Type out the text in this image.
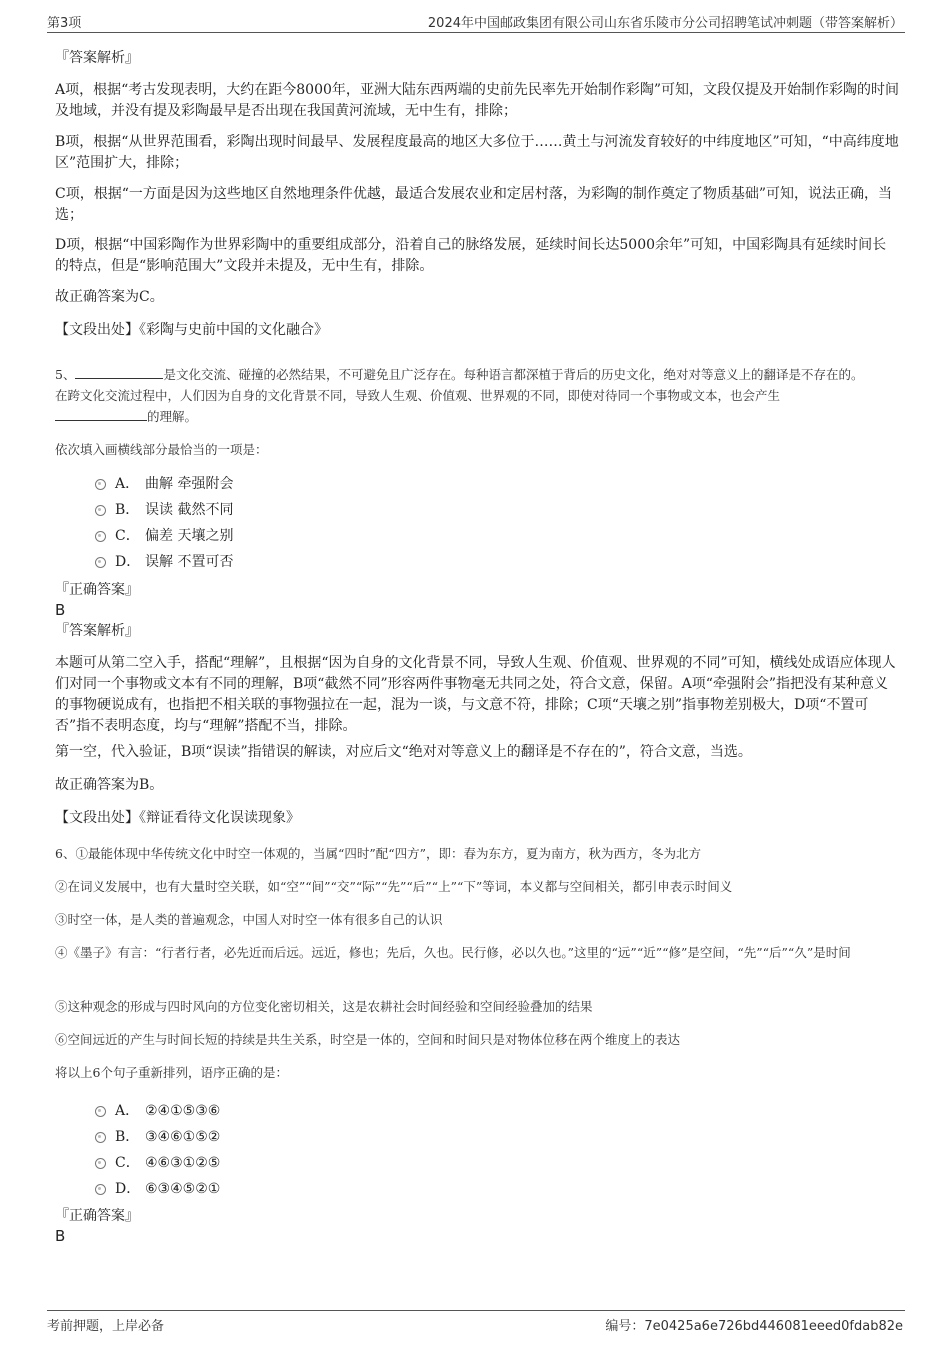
第3项	2024年中国邮政集团有限公司山东省乐陵市分公司招聘笔试冲刺题（带答案解析）
『答案解析』
A项，根据“考古发现表明，大约在距今8000年，亚洲大陆东西两端的史前先民率先开始制作彩陶”可知，文段仅提及开始制作彩陶的时间及地域，并没有提及彩陶最早是否出现在我国黄河流域，无中生有，排除；
B项，根据“从世界范围看，彩陶出现时间最早、发展程度最高的地区大多位于……黄土与河流发育较好的中纬度地区”可知，“中高纬度地区”范围扩大，排除；
C项，根据“一方面是因为这些地区自然地理条件优越，最适合发展农业和定居村落，为彩陶的制作奠定了物质基础”可知，说法正确，当选；
D项，根据“中国彩陶作为世界彩陶中的重要组成部分，沿着自己的脉络发展，延续时间长达5000余年”可知，中国彩陶具有延续时间长的特点，但是“影响范围大”文段并未提及，无中生有，排除。
故正确答案为C。
【文段出处】《彩陶与史前中国的文化融合》
5、	是文化交流、碰撞的必然结果，不可避免且广泛存在。每种语言都深植于背后的历史文化，绝对对等意义上的翻译是不存在的。
在跨文化交流过程中，人们因为自身的文化背景不同，导致人生观、价值观、世界观的不同，即使对待同一个事物或文本，也会产生
的理解。
依次填入画横线部分最恰当的一项是：
A． 曲解 牵强附会
B． 误读 截然不同
C． 偏差 天壤之别
D． 误解 不置可否
『正确答案』
B
『答案解析』
本题可从第二空入手，搭配“理解”，且根据“因为自身的文化背景不同，导致人生观、价值观、世界观的不同”可知，横线处成语应体现人们对同一个事物或文本有不同的理解，B项“截然不同”形容两件事物毫无共同之处，符合文意，保留。A项“牵强附会”指把没有某种意义的事物硬说成有，也指把不相关联的事物强拉在一起，混为一谈，与文意不符，排除；C项“天壤之别”指事物差别极大，D项“不置可否”指不表明态度，均与“理解”搭配不当，排除。
第一空，代入验证，B项“误读”指错误的解读，对应后文“绝对对等意义上的翻译是不存在的”，符合文意，当选。
故正确答案为B。
【文段出处】《辩证看待文化误读现象》
6、①最能体现中华传统文化中时空一体观的，当属“四时”配“四方”，即：春为东方，夏为南方，秋为西方，冬为北方
②在词义发展中，也有大量时空关联，如“空”“间”“交”“际”“先”“后”“上”“下”等词，本义都与空间相关，都引申表示时间义
③时空一体，是人类的普遍观念，中国人对时空一体有很多自己的认识
④《墨子》有言：“行者行者，必先近而后远。远近，修也；先后，久也。民行修，必以久也。”这里的“远”“近”“修”是空间，“先”“后”“久”是时间
⑤这种观念的形成与四时风向的方位变化密切相关，这是农耕社会时间经验和空间经验叠加的结果
⑥空间远近的产生与时间长短的持续是共生关系，时空是一体的，空间和时间只是对物体位移在两个维度上的表达
将以上6个句子重新排列，语序正确的是：
A． ②④①⑤③⑥
B． ③④⑥①⑤②
C． ④⑥③①②⑤
D． ⑥③④⑤②①
『正确答案』
B
考前押题，上岸必备	编号：7e0425a6e726bd446081eeed0fdab82e
